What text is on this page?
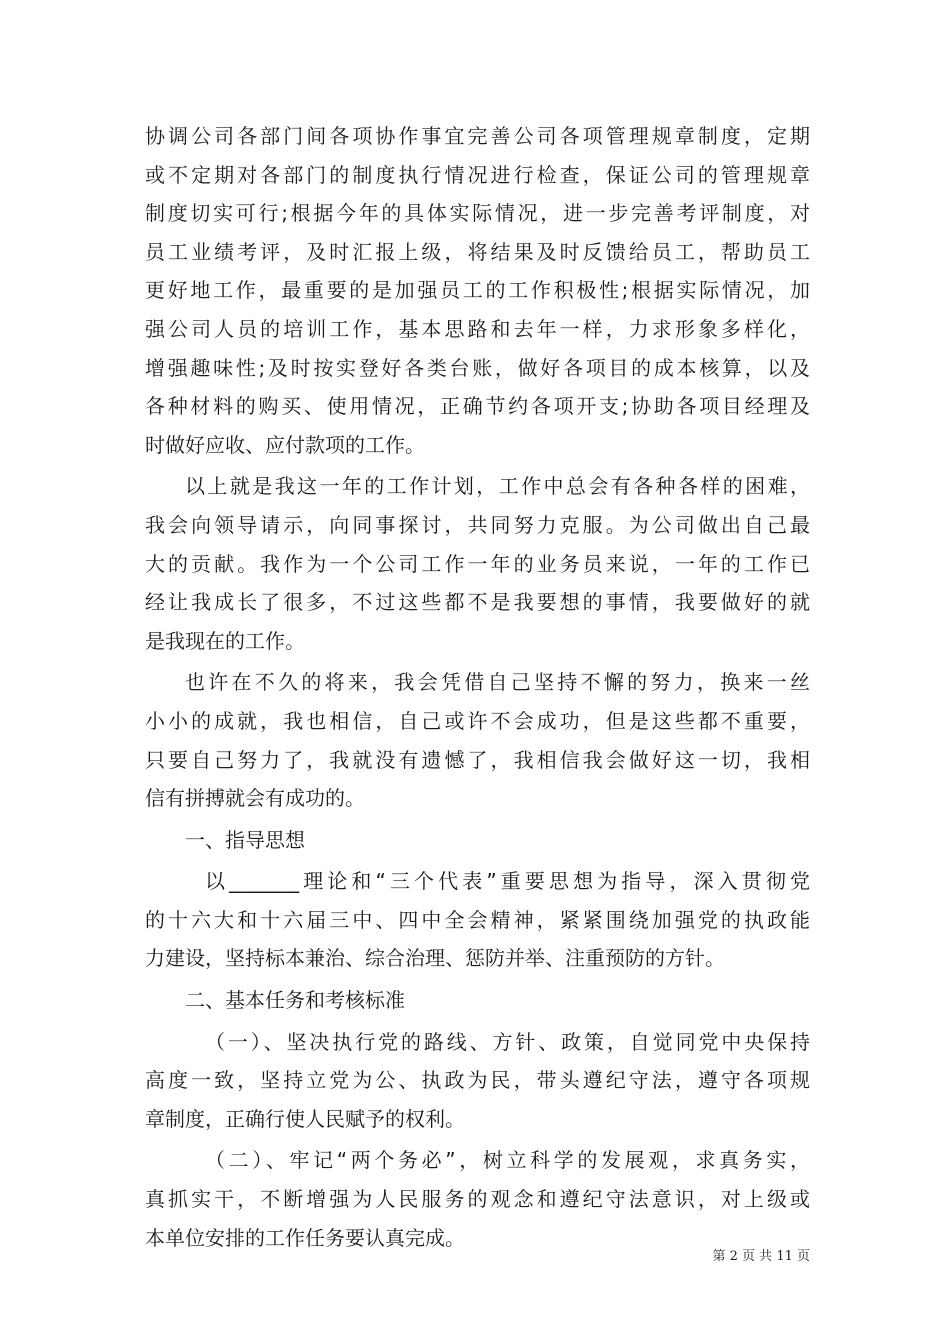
协调公司各部门间各项协作事宜完善公司各项管理规章制度，定期
或不定期对各部门的制度执行情况进行检查，保证公司的管理规章
制度切实可行;根据今年的具体实际情况，进一步完善考评制度，对
员工业绩考评，及时汇报上级，将结果及时反馈给员工，帮助员工
更好地工作，最重要的是加强员工的工作积极性;根据实际情况，加
强公司人员的培训工作，基本思路和去年一样，力求形象多样化，
增强趣味性;及时按实登好各类台账，做好各项目的成本核算，以及
各种材料的购买、使用情况，正确节约各项开支;协助各项目经理及
时做好应收、应付款项的工作。
以上就是我这一年的工作计划，工作中总会有各种各样的困难，
我会向领导请示，向同事探讨，共同努力克服。为公司做出自己最
大的贡献。我作为一个公司工作一年的业务员来说，一年的工作已
经让我成长了很多，不过这些都不是我要想的事情，我要做好的就
是我现在的工作。
也许在不久的将来，我会凭借自己坚持不懈的努力，换来一丝
小小的成就，我也相信，自己或许不会成功，但是这些都不重要，
只要自己努力了，我就没有遗憾了，我相信我会做好这一切，我相
信有拼搏就会有成功的。
一、指导思想
以_______理论和“三个代表”重要思想为指导，深入贯彻党
的十六大和十六届三中、四中全会精神，紧紧围绕加强党的执政能
力建设，坚持标本兼治、综合治理、惩防并举、注重预防的方针。
二、基本任务和考核标准
（一）、坚决执行党的路线、方针、政策，自觉同党中央保持
高度一致，坚持立党为公、执政为民，带头遵纪守法，遵守各项规
章制度，正确行使人民赋予的权利。
（二）、牢记“两个务必”，树立科学的发展观，求真务实，
真抓实干，不断增强为人民服务的观念和遵纪守法意识，对上级或
本单位安排的工作任务要认真完成。
第 2 页 共 11 页
